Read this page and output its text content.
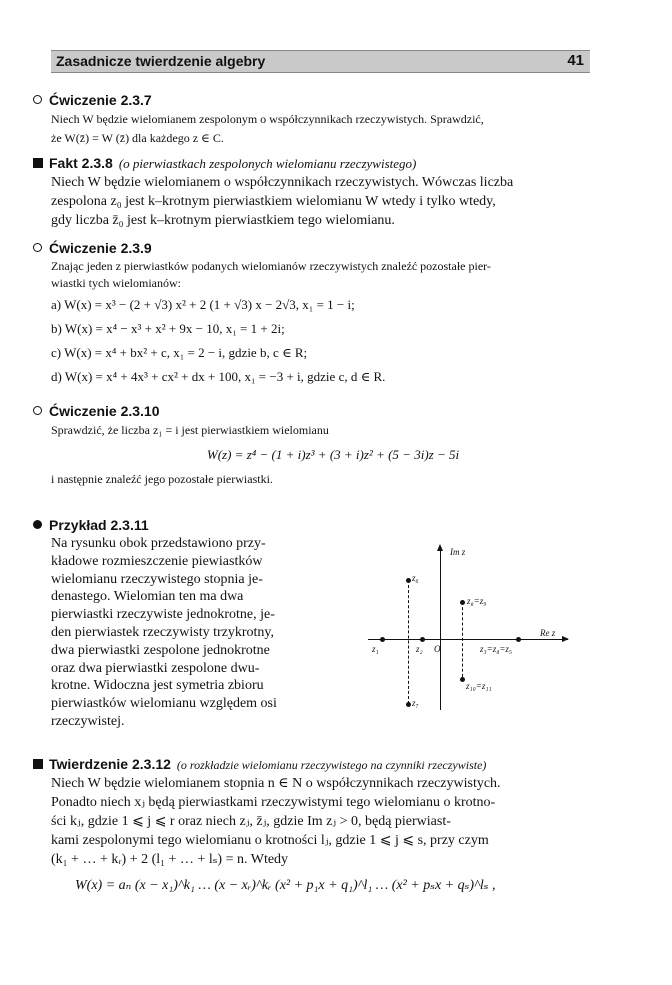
Zasadnicze twierdzenie algebry	41
Ćwiczenie 2.3.7
Niech W będzie wielomianem zespolonym o współczynnikach rzeczywistych. Sprawdzić,
że W(z̄) = W (z̄) dla każdego z ∈ C.
Fakt 2.3.8 (o pierwiastkach zespolonych wielomianu rzeczywistego)
Niech W będzie wielomianem o współczynnikach rzeczywistych. Wówczas liczba
zespolona z₀ jest k–krotnym pierwiastkiem wielomianu W wtedy i tylko wtedy,
gdy liczba z̄₀ jest k–krotnym pierwiastkiem tego wielomianu.
Ćwiczenie 2.3.9
Znając jeden z pierwiastków podanych wielomianów rzeczywistych znaleźć pozostałe pier-
wiastki tych wielomianów:
a) W(x) = x³ − (2 + √3) x² + 2 (1 + √3) x − 2√3, x₁ = 1 − i;
b) W(x) = x⁴ − x³ + x² + 9x − 10, x₁ = 1 + 2i;
c) W(x) = x⁴ + bx² + c, x₁ = 2 − i, gdzie b, c ∈ R;
d) W(x) = x⁴ + 4x³ + cx² + dx + 100, x₁ = −3 + i, gdzie c, d ∈ R.
Ćwiczenie 2.3.10
Sprawdzić, że liczba z₁ = i jest pierwiastkiem wielomianu
W(z) = z⁴ − (1 + i)z³ + (3 + i)z² + (5 − 3i)z − 5i
i następnie znaleźć jego pozostałe pierwiastki.
Przykład 2.3.11
Na rysunku obok przedstawiono przy-
kładowe rozmieszczenie piewiastków
wielomianu rzeczywistego stopnia je-
denastego. Wielomian ten ma dwa
pierwiastki rzeczywiste jednokrotne, je-
den pierwiastek rzeczywisty trzykrotny,
dwa pierwiastki zespolone jednokrotne
oraz dwa pierwiastki zespolone dwu-
krotne. Widoczna jest symetria zbioru
pierwiastków wielomianu względem osi
rzeczywistej.
Im z
Re z
z₆
z₈=z₉
z₁	z₂ O	z₃=z₄=z₅
z₁₀=z₁₁
z₇
Twierdzenie 2.3.12 (o rozkładzie wielomianu rzeczywistego na czynniki rzeczywiste)
Niech W będzie wielomianem stopnia n ∈ N o współczynnikach rzeczywistych.
Ponadto niech xⱼ będą pierwiastkami rzeczywistymi tego wielomianu o krotno-
ści kⱼ, gdzie 1 ⩽ j ⩽ r oraz niech zⱼ, z̄ⱼ, gdzie Im zⱼ > 0, będą pierwiast-
kami zespolonymi tego wielomianu o krotności lⱼ, gdzie 1 ⩽ j ⩽ s, przy czym
(k₁ + … + kᵣ) + 2 (l₁ + … + lₛ) = n. Wtedy
W(x) = aₙ (x − x₁)^k₁ … (x − xᵣ)^kᵣ (x² + p₁x + q₁)^l₁ … (x² + pₛx + qₛ)^lₛ ,
